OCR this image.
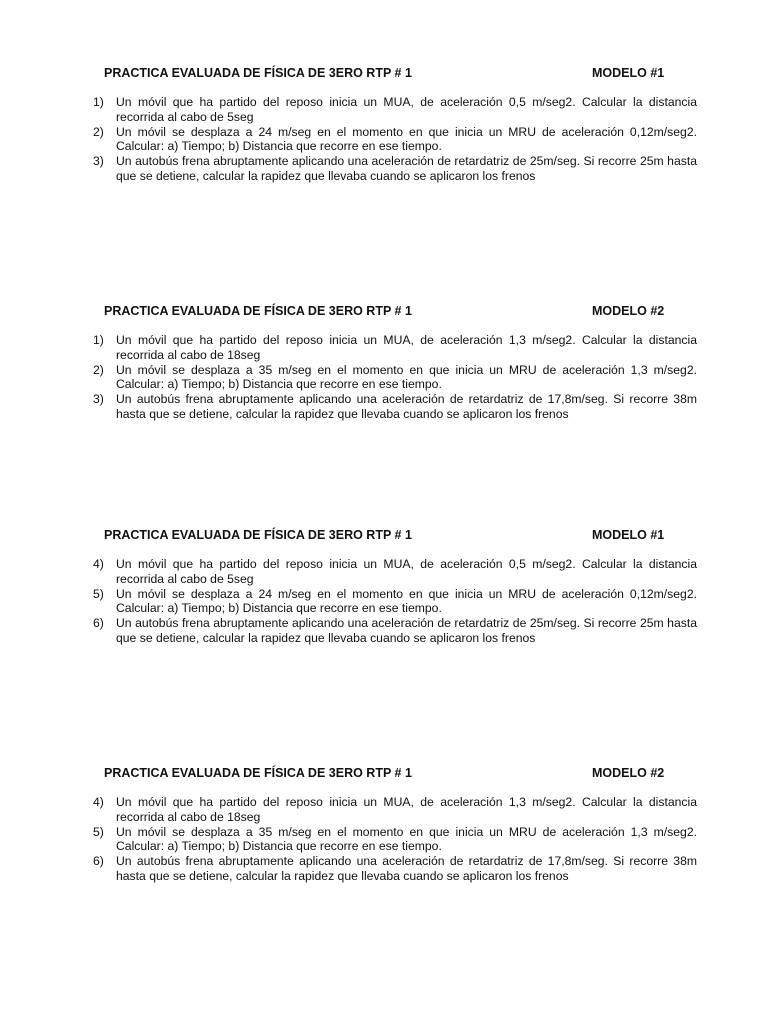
PRACTICA EVALUADA DE FÍSICA DE 3ERO RTP # 1	MODELO #1

1) Un móvil que ha partido del reposo inicia un MUA, de aceleración 0,5 m/seg2. Calcular la distancia recorrida al cabo de 5seg

2) Un móvil se desplaza a 24 m/seg en el momento en que inicia un MRU de aceleración 0,12m/seg2. Calcular: a) Tiempo; b) Distancia que recorre en ese tiempo.

3) Un autobús frena abruptamente aplicando una aceleración de retardatriz de 25m/seg. Si recorre 25m hasta que se detiene, calcular la rapidez que llevaba cuando se aplicaron los frenos

PRACTICA EVALUADA DE FÍSICA DE 3ERO RTP # 1	MODELO #2

1) Un móvil que ha partido del reposo inicia un MUA, de aceleración 1,3 m/seg2. Calcular la distancia recorrida al cabo de 18seg

2) Un móvil se desplaza a 35 m/seg en el momento en que inicia un MRU de aceleración 1,3 m/seg2. Calcular: a) Tiempo; b) Distancia que recorre en ese tiempo.

3) Un autobús frena abruptamente aplicando una aceleración de retardatriz de 17,8m/seg. Si recorre 38m hasta que se detiene, calcular la rapidez que llevaba cuando se aplicaron los frenos

PRACTICA EVALUADA DE FÍSICA DE 3ERO RTP # 1	MODELO #1

4) Un móvil que ha partido del reposo inicia un MUA, de aceleración 0,5 m/seg2. Calcular la distancia recorrida al cabo de 5seg

5) Un móvil se desplaza a 24 m/seg en el momento en que inicia un MRU de aceleración 0,12m/seg2. Calcular: a) Tiempo; b) Distancia que recorre en ese tiempo.

6) Un autobús frena abruptamente aplicando una aceleración de retardatriz de 25m/seg. Si recorre 25m hasta que se detiene, calcular la rapidez que llevaba cuando se aplicaron los frenos

PRACTICA EVALUADA DE FÍSICA DE 3ERO RTP # 1	MODELO #2

4) Un móvil que ha partido del reposo inicia un MUA, de aceleración 1,3 m/seg2. Calcular la distancia recorrida al cabo de 18seg

5) Un móvil se desplaza a 35 m/seg en el momento en que inicia un MRU de aceleración 1,3 m/seg2. Calcular: a) Tiempo; b) Distancia que recorre en ese tiempo.

6) Un autobús frena abruptamente aplicando una aceleración de retardatriz de 17,8m/seg. Si recorre 38m hasta que se detiene, calcular la rapidez que llevaba cuando se aplicaron los frenos
